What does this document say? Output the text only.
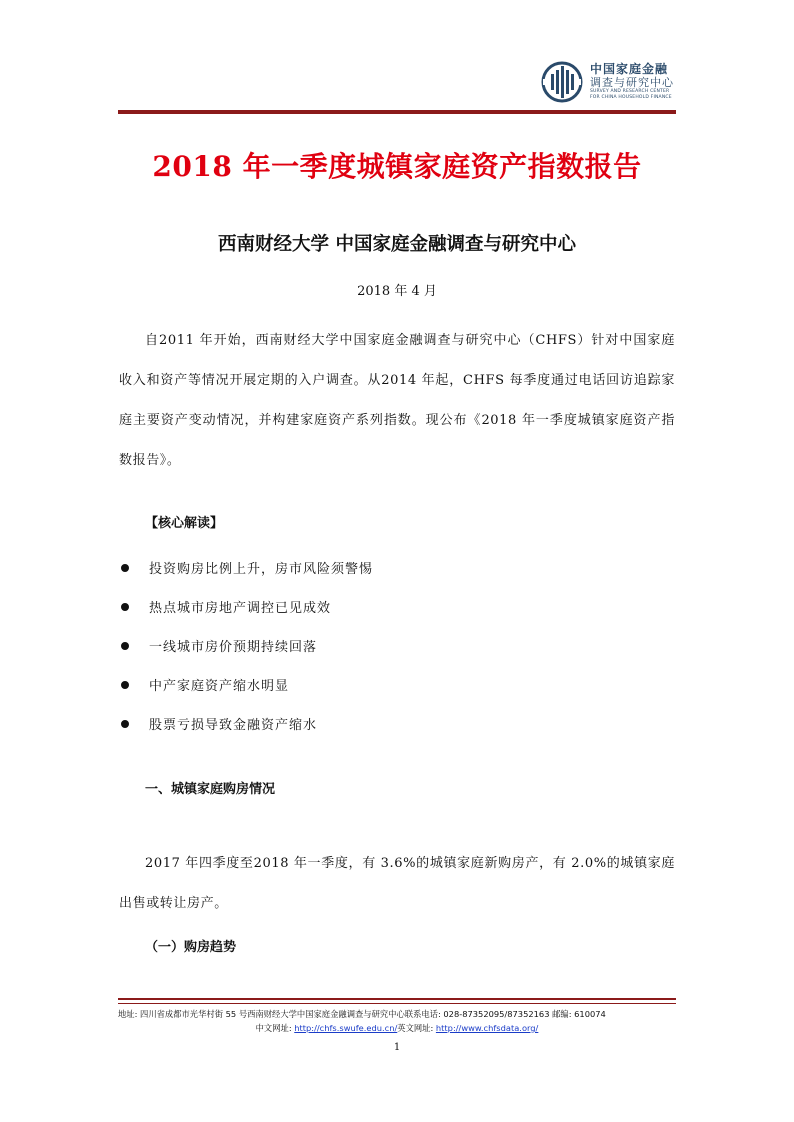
中国家庭金融
调查与研究中心
SURVEY AND RESEARCH CENTER
FOR CHINA HOUSEHOLD FINANCE
2018 年一季度城镇家庭资产指数报告
西南财经大学 中国家庭金融调查与研究中心
2018 年 4 月

自2011 年开始，西南财经大学中国家庭金融调查与研究中心（CHFS）针对中国家庭收入和资产等情况开展定期的入户调查。从2014 年起，CHFS 每季度通过电话回访追踪家庭主要资产变动情况，并构建家庭资产系列指数。现公布《2018 年一季度城镇家庭资产指数报告》。

【核心解读】
投资购房比例上升，房市风险须警惕
热点城市房地产调控已见成效
一线城市房价预期持续回落
中产家庭资产缩水明显
股票亏损导致金融资产缩水
一、城镇家庭购房情况

2017 年四季度至2018 年一季度，有 3.6%的城镇家庭新购房产，有 2.0%的城镇家庭出售或转让房产。

（一）购房趋势
地址: 四川省成都市光华村街 55 号西南财经大学中国家庭金融调查与研究中心联系电话: 028-87352095/87352163 邮编: 610074
中文网址: http://chfs.swufe.edu.cn/英文网址: http://www.chfsdata.org/
1
